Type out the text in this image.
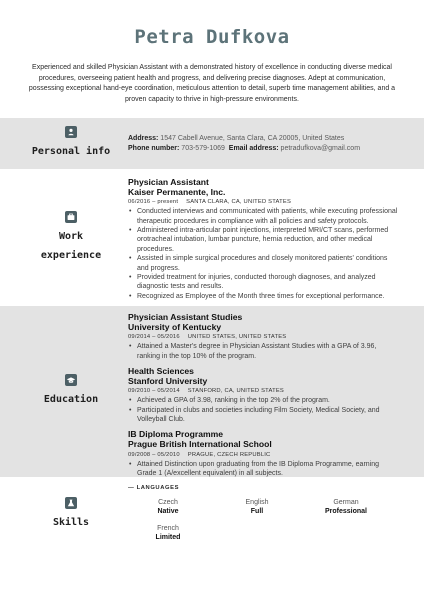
Petra Dufkova
Experienced and skilled Physician Assistant with a demonstrated history of excellence in conducting diverse medical procedures, overseeing patient health and progress, and delivering precise diagnoses. Adept at communication, possessing exceptional hand-eye coordination, meticulous attention to detail, superb time management abilities, and a proven capacity to thrive in high-pressure environments.
Personal info
Address: 1547 Cabell Avenue, Santa Clara, CA 20005, United States
Phone number: 703-579-1069 Email address: petradufkova@gmail.com
Work
experience
Physician Assistant
Kaiser Permanente, Inc.
06/2016 – present SANTA CLARA, CA, UNITED STATES
• Conducted interviews and communicated with patients, while executing professional therapeutic procedures in compliance with all policies and safety protocols.
• Administered intra-articular point injections, interpreted MRI/CT scans, performed orotracheal intubation, lumbar puncture, hernia reduction, and other medical procedures.
• Assisted in simple surgical procedures and closely monitored patients' conditions and progress.
• Provided treatment for injuries, conducted thorough diagnoses, and analyzed diagnostic tests and results.
• Recognized as Employee of the Month three times for exceptional performance.
Education
Physician Assistant Studies
University of Kentucky
09/2014 – 05/2016 UNITED STATES, UNITED STATES
• Attained a Master's degree in Physician Assistant Studies with a GPA of 3.96, ranking in the top 10% of the program.
Health Sciences
Stanford University
09/2010 – 05/2014 STANFORD, CA, UNITED STATES
• Achieved a GPA of 3.98, ranking in the top 2% of the program.
• Participated in clubs and societies including Film Society, Medical Society, and Volleyball Club.
IB Diploma Programme
Prague British International School
09/2008 – 05/2010 PRAGUE, CZECH REPUBLIC
• Attained Distinction upon graduating from the IB Diploma Programme, earning Grade 1 (A/excellent equivalent) in all subjects.
Skills
— LANGUAGES
Czech
Native
English
Full
German
Professional
French
Limited
